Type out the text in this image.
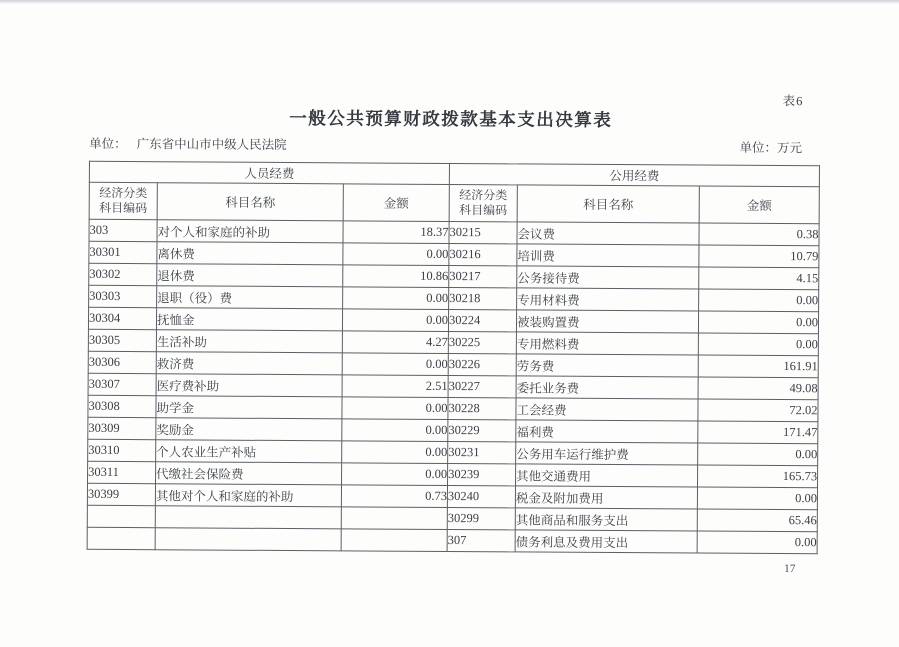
表6
一般公共预算财政拨款基本支出决算表
单位： 广东省中山市中级人民法院	单位：万元
人员经费			公用经费		

经济分类
科目编码	科目名称	金额	
经济分类
科目编码	科目名称	金额
303	对个人和家庭的补助	18.37	30215	会议费	0.38
30301	离休费	0.00	30216	培训费	10.79
30302	退休费	10.86	30217	公务接待费	4.15
30303	退职（役）费	0.00	30218	专用材料费	0.00
30304	抚恤金	0.00	30224	被装购置费	0.00
30305	生活补助	4.27	30225	专用燃料费	0.00
30306	救济费	0.00	30226	劳务费	161.91
30307	医疗费补助	2.51	30227	委托业务费	49.08
30308	助学金	0.00	30228	工会经费	72.02
30309	奖励金	0.00	30229	福利费	171.47
30310	个人农业生产补贴	0.00	30231	公务用车运行维护费	0.00
30311	代缴社会保险费	0.00	30239	其他交通费用	165.73
30399	其他对个人和家庭的补助	0.73	30240	税金及附加费用	0.00
			30299	其他商品和服务支出	65.46
			307	债务利息及费用支出	0.00
17
